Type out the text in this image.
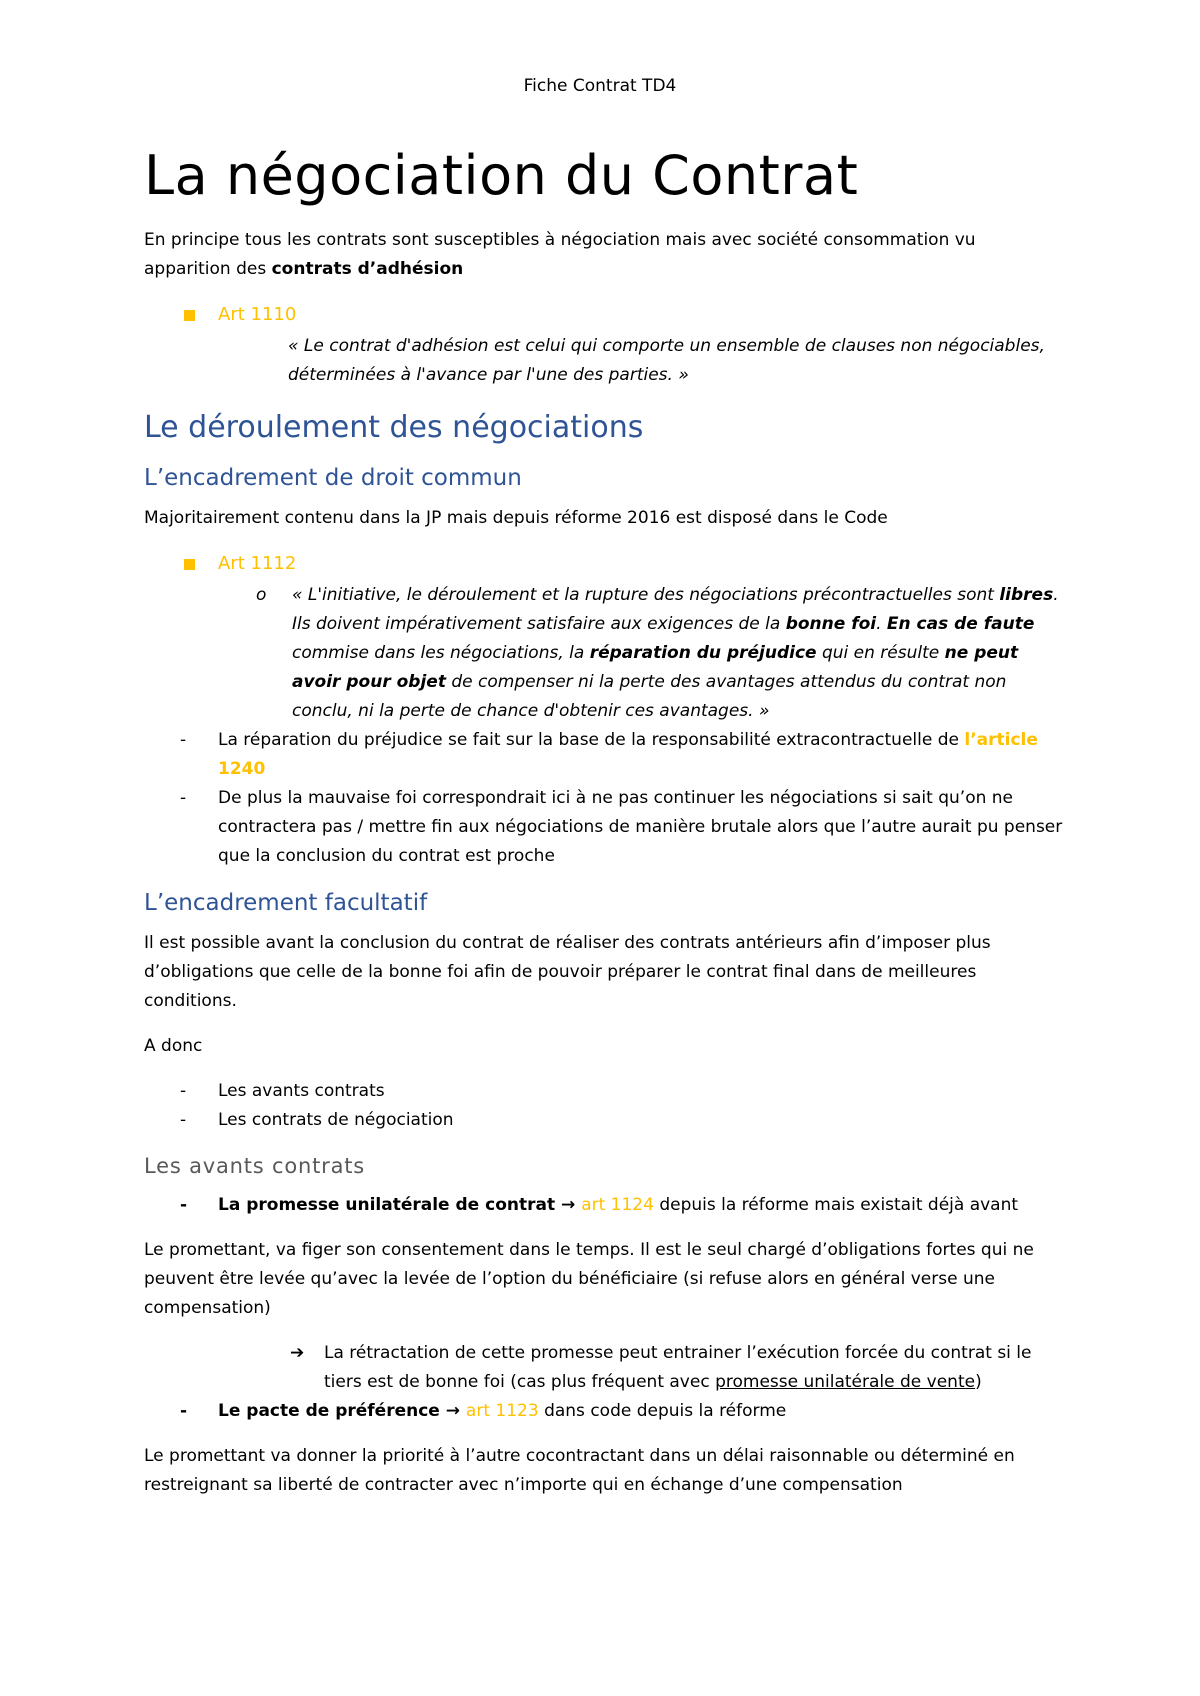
Fiche Contrat TD4
La négociation du Contrat

En principe tous les contrats sont susceptibles à négociation mais avec société consommation vu apparition des contrats d’adhésion

Art 1110
« Le contrat d'adhésion est celui qui comporte un ensemble de clauses non négociables, déterminées à l'avance par l'une des parties. »
Le déroulement des négociations
L’encadrement de droit commun

Majoritairement contenu dans la JP mais depuis réforme 2016 est disposé dans le Code

Art 1112
o « L'initiative, le déroulement et la rupture des négociations précontractuelles sont libres. Ils doivent impérativement satisfaire aux exigences de la bonne foi. En cas de faute commise dans les négociations, la réparation du préjudice qui en résulte ne peut avoir pour objet de compenser ni la perte des avantages attendus du contrat non conclu, ni la perte de chance d'obtenir ces avantages. »
- La réparation du préjudice se fait sur la base de la responsabilité extracontractuelle de l’article 1240
- De plus la mauvaise foi correspondrait ici à ne pas continuer les négociations si sait qu’on ne contractera pas / mettre fin aux négociations de manière brutale alors que l’autre aurait pu penser que la conclusion du contrat est proche
L’encadrement facultatif

Il est possible avant la conclusion du contrat de réaliser des contrats antérieurs afin d’imposer plus d’obligations que celle de la bonne foi afin de pouvoir préparer le contrat final dans de meilleures conditions.

A donc

- Les avants contrats
- Les contrats de négociation
Les avants contrats
- La promesse unilatérale de contrat → art 1124 depuis la réforme mais existait déjà avant

Le promettant, va figer son consentement dans le temps. Il est le seul chargé d’obligations fortes qui ne peuvent être levée qu’avec la levée de l’option du bénéficiaire (si refuse alors en général verse une compensation)

➔ La rétractation de cette promesse peut entrainer l’exécution forcée du contrat si le tiers est de bonne foi (cas plus fréquent avec promesse unilatérale de vente)
- Le pacte de préférence → art 1123 dans code depuis la réforme

Le promettant va donner la priorité à l’autre cocontractant dans un délai raisonnable ou déterminé en restreignant sa liberté de contracter avec n’importe qui en échange d’une compensation
